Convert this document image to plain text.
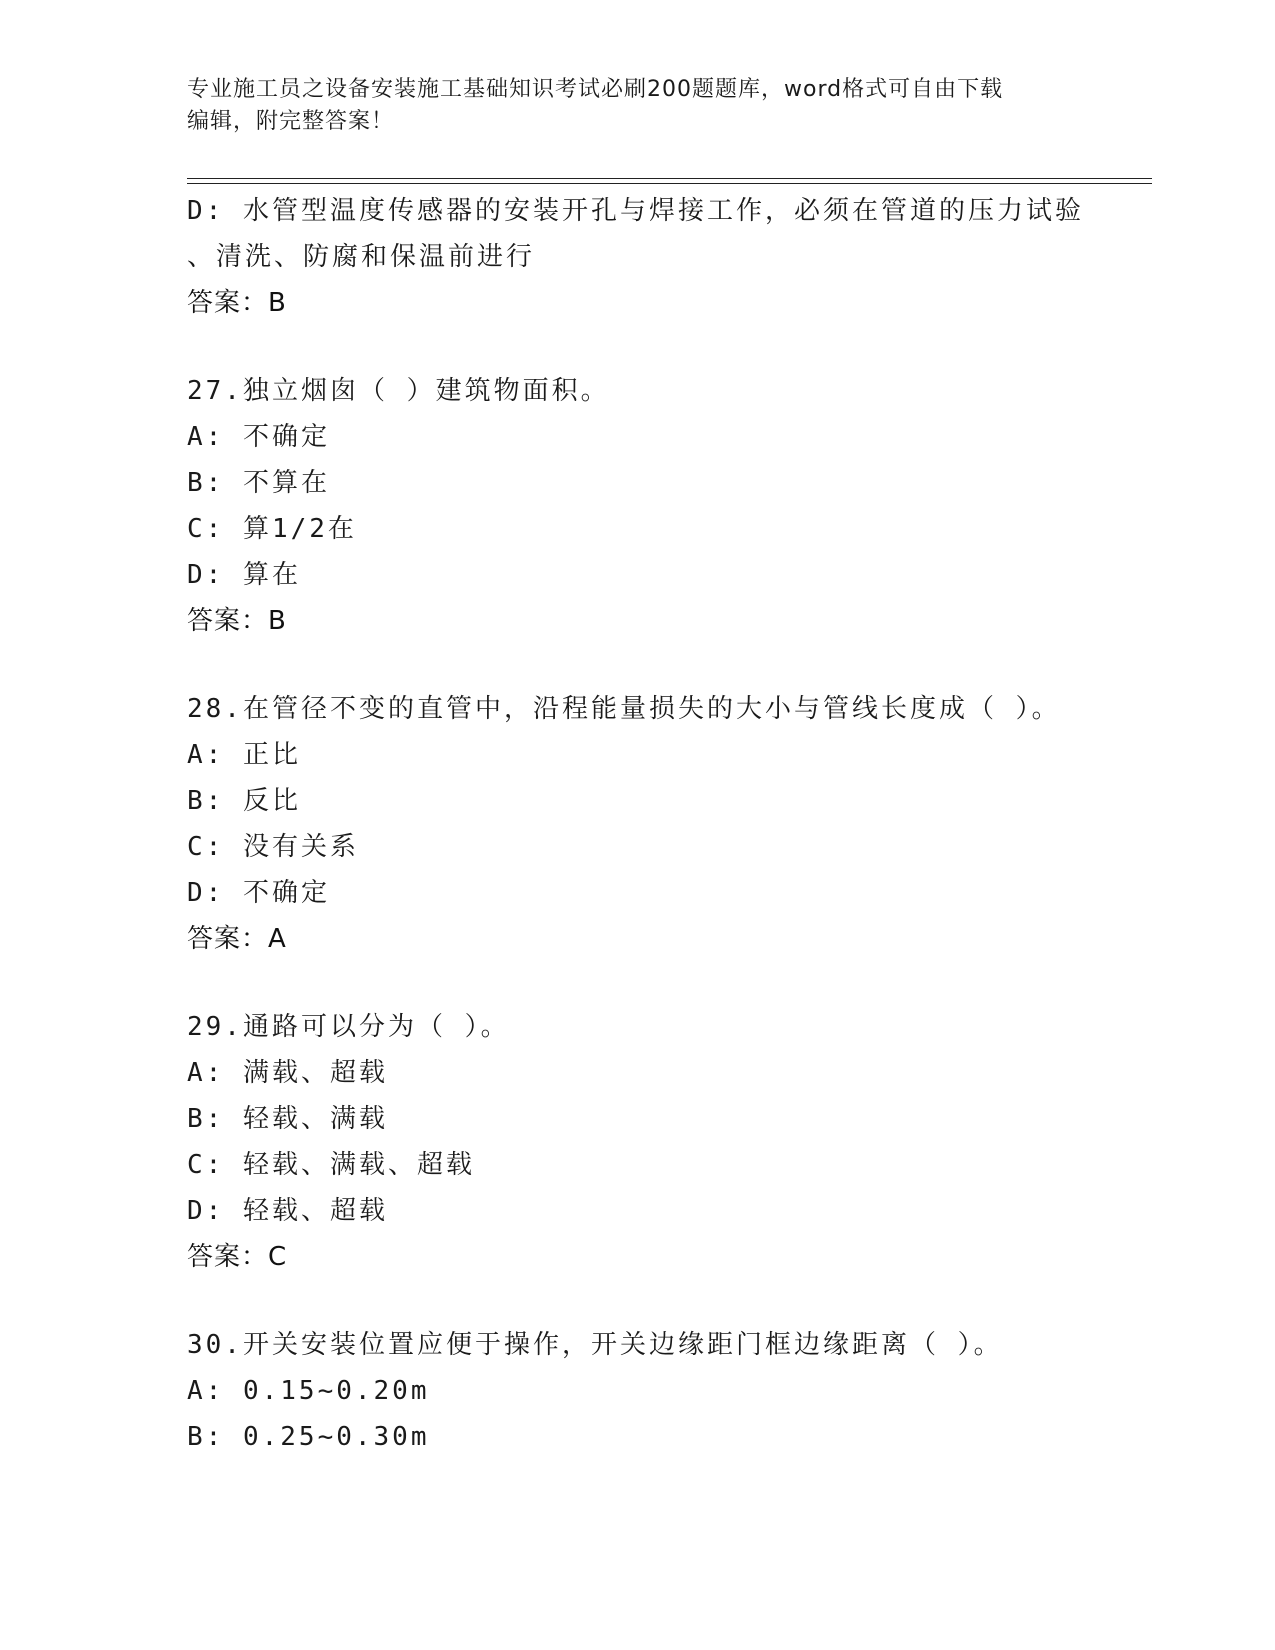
专业施工员之设备安装施工基础知识考试必刷200题题库，word格式可自由下载
编辑，附完整答案！
D: 水管型温度传感器的安装开孔与焊接工作，必须在管道的压力试验
、清洗、防腐和保温前进行
答案：B
27.独立烟囱（ ）建筑物面积。
A: 不确定
B: 不算在
C: 算1/2在
D: 算在
答案：B
28.在管径不变的直管中，沿程能量损失的大小与管线长度成（ ）。
A: 正比
B: 反比
C: 没有关系
D: 不确定
答案：A
29.通路可以分为（ ）。
A: 满载、超载
B: 轻载、满载
C: 轻载、满载、超载
D: 轻载、超载
答案：C
30.开关安装位置应便于操作，开关边缘距门框边缘距离（ ）。
A: 0.15~0.20m
B: 0.25~0.30m
